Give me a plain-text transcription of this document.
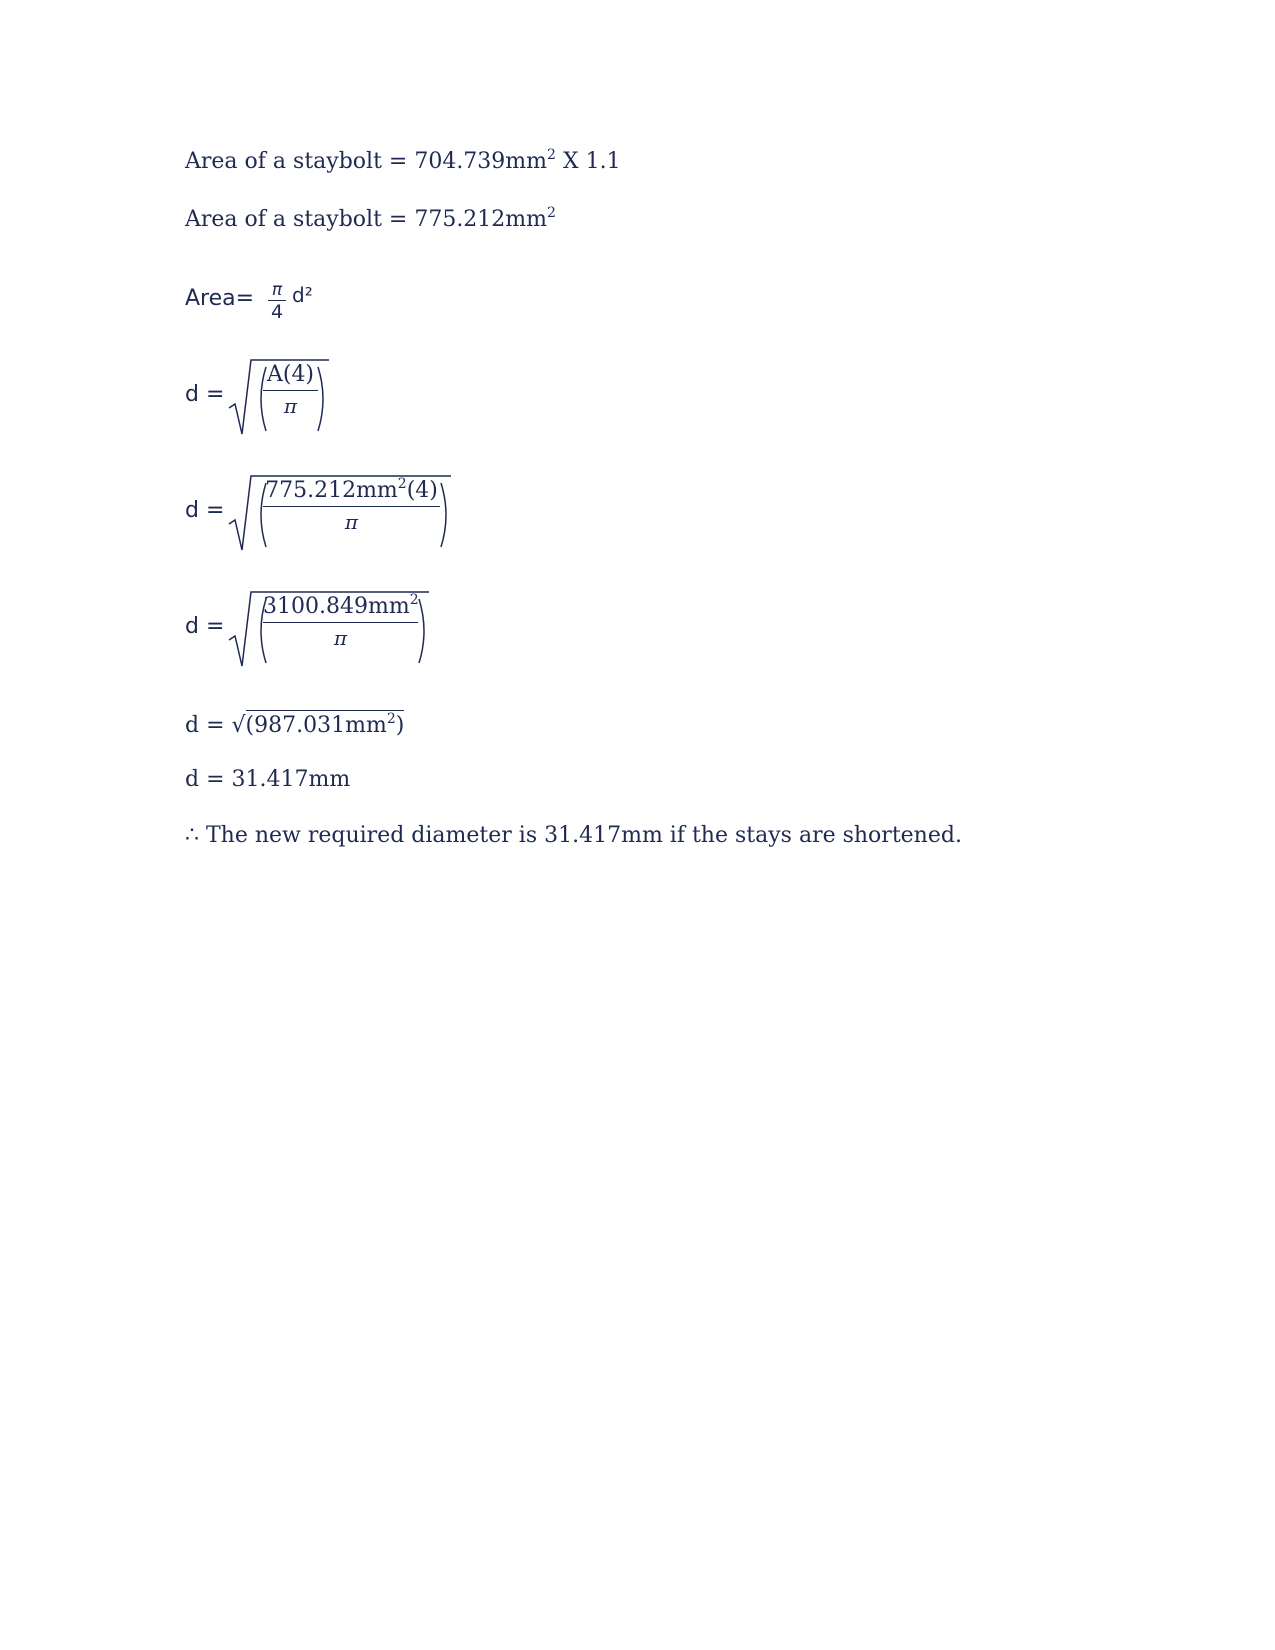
Area of a staybolt = $704.739mm^2$ X 1.1
Area of a staybolt = $775.212mm^2$
Area= π
4
d²
d =
A(4)
π
d =
$775.212mm^2(4)$
π
d =
$3100.849mm^2$
π
$d = √(987.031mm^2)$
d = 31.417mm
∴ The new required diameter is 31.417mm if the stays are shortened.
